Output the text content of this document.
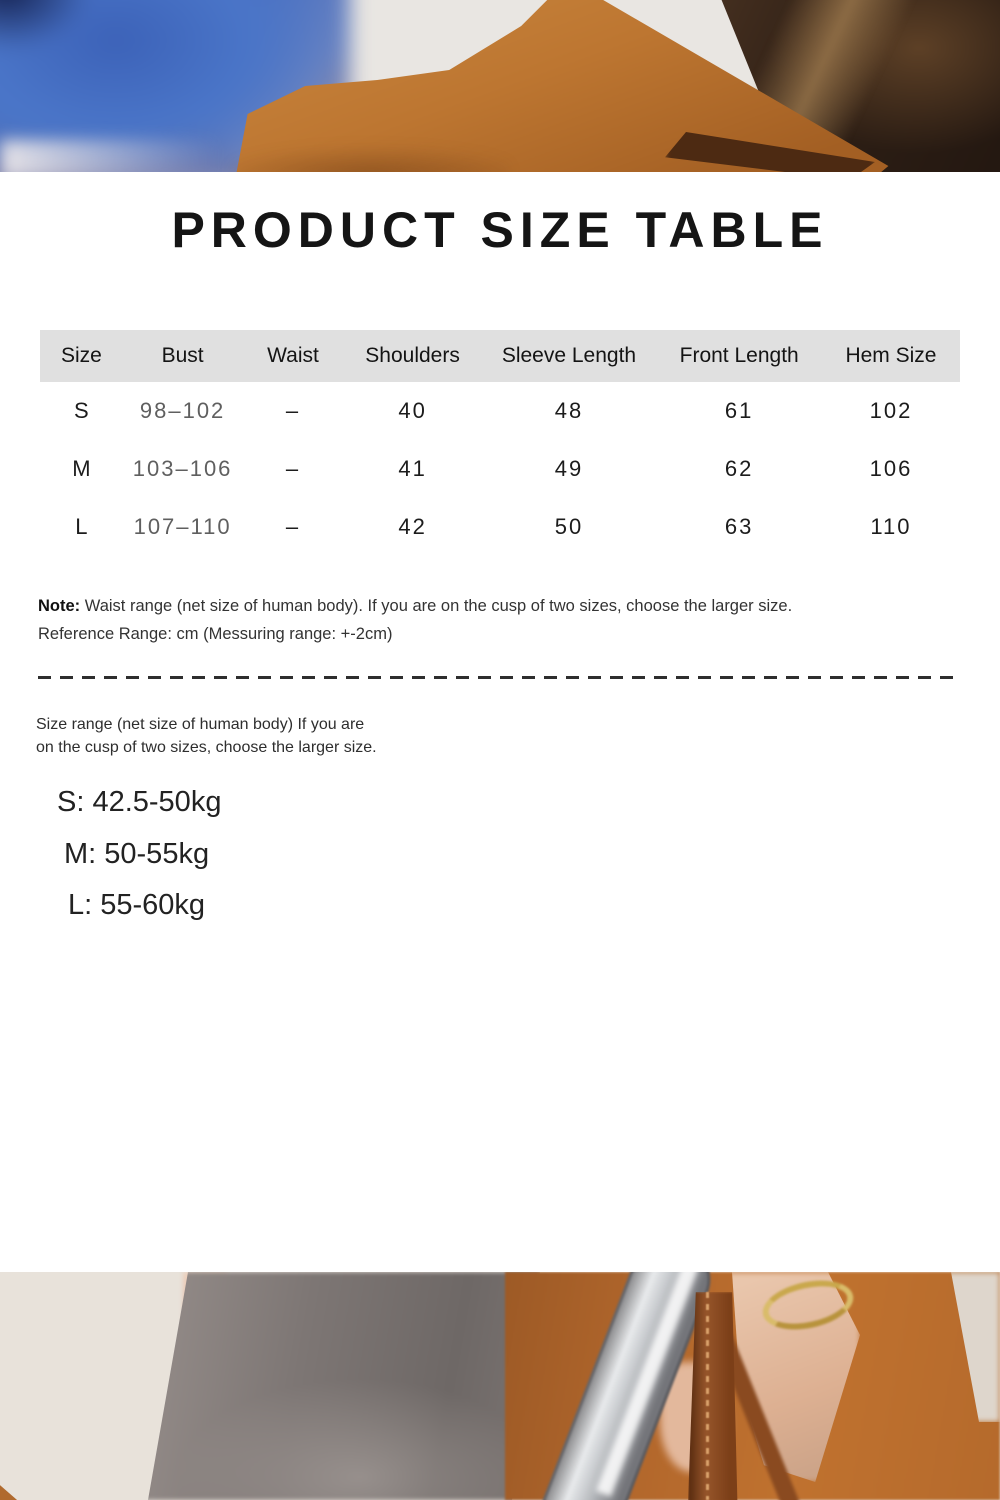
PRODUCT SIZE TABLE
Size	Bust	Waist	Shoulders	Sleeve Length	Front Length	Hem Size
S	98–102	–	40	48	61	102
M	103–106	–	41	49	62	106
L	107–110	–	42	50	63	110
Note: Waist range (net size of human body). If you are on the cusp of two sizes, choose the larger size.
Reference Range: cm (Messuring range: +-2cm)
Size range (net size of human body) If you are
on the cusp of two sizes, choose the larger size.
S: 42.5-50kg
M: 50-55kg
L: 55-60kg
